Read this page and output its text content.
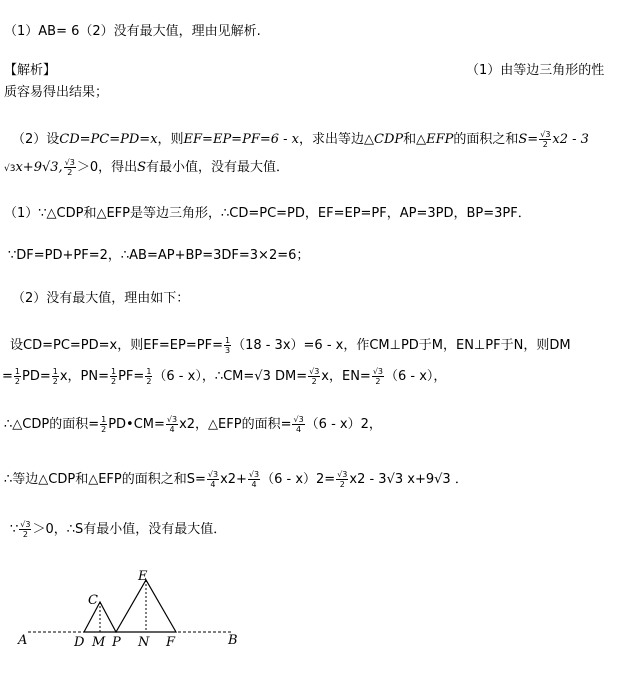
（1）AB= 6（2）没有最大值，理由见解析.
【解析】	（1）由等边三角形的性
质容易得出结果；
（2）设CD=PC=PD=x，则EF=EP=PF=6 - x，求出等边△CDP和△EFP的面积之和$S= \frac{√3}{2} x2 - 3$
√3x+9√3, $\frac{√3}{2} >0$，得出S有最小值，没有最大值．
（1）∵△CDP和△EFP是等边三角形，∴CD=PC=PD，EF=EP=PF，AP=3PD，BP=3PF．
∵DF=PD+PF=2，∴AB=AP+BP=3DF=3×2=6；
（2）没有最大值，理由如下：
设CD=PC=PD=x，则$EF=EP=PF= \frac{1}{3} (18 - 3x)=6 - x$，作CM⊥PD于M，EN⊥PF于N，则DM
= $\frac{1}{2} PD= \frac{1}{2}$ x，$PN= \frac{1}{2} PF= \frac{1}{2} (6 - x)$，∴CM=√3 $DM= \frac{√3}{2}$ x，$EN= \frac{√3}{2} (6 - x)$，
∴△CDP的面积= $\frac{1}{2}$ PD•CM= $\frac{√3}{4} x2$，△EFP的面积= $\frac{√3}{4} (6 - x)2$，
∴等边△CDP和△EFP的面积之和$S= \frac{√3}{4} x2+ \frac{√3}{4} (6 - x)2= \frac{√3}{2} x2 - 3√3$ x+9√3 ．
∵ $\frac{√3}{2} >0$，∴S有最小值，没有最大值．
A	B
C
D M P
E
N F
